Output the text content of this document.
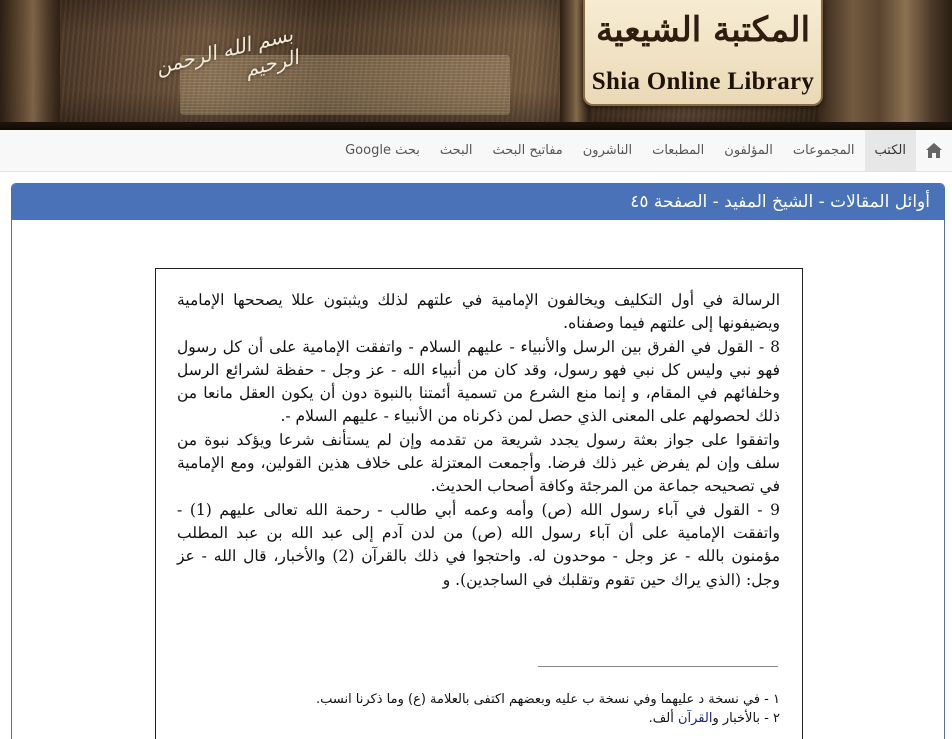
بسم الله الرحمن الرحيم
المكتبة الشيعية
Shia Online Library
الكتب
المجموعات
المؤلفون
المطبعات
الناشرون
مفاتيح البحث
البحث
بحث Google
أوائل المقالات - الشيخ المفيد - الصفحة ٤٥

الرسالة في أول التكليف ويخالفون الإمامية في علتهم لذلك ويثبتون عللا يصححها الإمامية ويضيفونها إلى علتهم فيما وصفناه.

8 - القول في الفرق بين الرسل والأنبياء - عليهم السلام - واتفقت الإمامية على أن كل رسول فهو نبي وليس كل نبي فهو رسول، وقد كان من أنبياء الله - عز وجل - حفظة لشرائع الرسل وخلفائهم في المقام، و إنما منع الشرع من تسمية أئمتنا بالنبوة دون أن يكون العقل مانعا من ذلك لحصولهم على المعنى الذي حصل لمن ذكرناه من الأنبياء - عليهم السلام -.

واتفقوا على جواز بعثة رسول يجدد شريعة من تقدمه وإن لم يستأنف شرعا ويؤكد نبوة من سلف وإن لم يفرض غير ذلك فرضا. وأجمعت المعتزلة على خلاف هذين القولين، ومع الإمامية في تصحيحه جماعة من المرجئة وكافة أصحاب الحديث.

9 - القول في آباء رسول الله (ص) وأمه وعمه أبي طالب - رحمة الله تعالى عليهم (1) - واتفقت الإمامية على أن آباء رسول الله (ص) من لدن آدم إلى عبد الله بن عبد المطلب مؤمنون بالله - عز وجل - موحدون له. واحتجوا في ذلك بالقرآن (2) والأخبار، قال الله - عز وجل: (الذي يراك حين تقوم وتقلبك في الساجدين). و

١ - في نسخة د عليهما وفي نسخة ب عليه وبعضهم اكتفى بالعلامة (ع) وما ذكرنا انسب.

٢ - بالأخبار والقرآن ألف.
